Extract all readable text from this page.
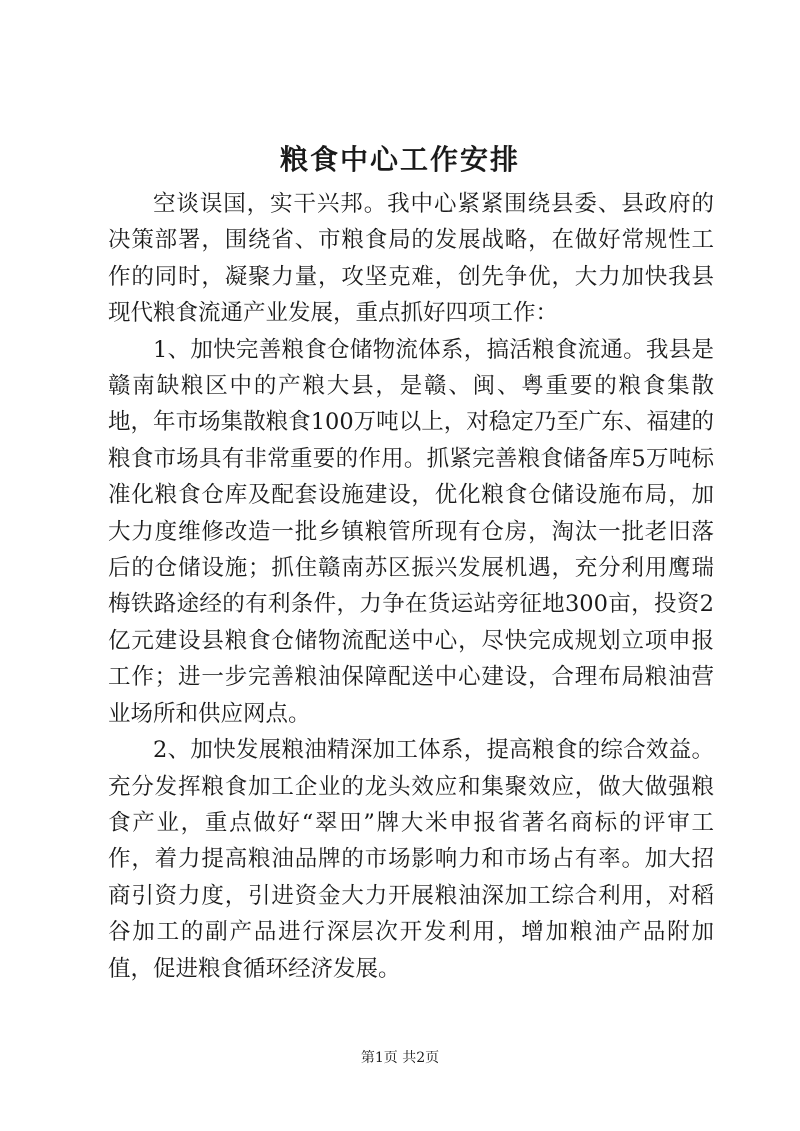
粮食中心工作安排

空谈误国，实干兴邦。我中心紧紧围绕县委、县政府的决策部署，围绕省、市粮食局的发展战略，在做好常规性工作的同时，凝聚力量，攻坚克难，创先争优，大力加快我县现代粮食流通产业发展，重点抓好四项工作：

1、加快完善粮食仓储物流体系，搞活粮食流通。我县是赣南缺粮区中的产粮大县，是赣、闽、粤重要的粮食集散地，年市场集散粮食100万吨以上，对稳定乃至广东、福建的粮食市场具有非常重要的作用。抓紧完善粮食储备库5万吨标准化粮食仓库及配套设施建设，优化粮食仓储设施布局，加大力度维修改造一批乡镇粮管所现有仓房，淘汰一批老旧落后的仓储设施；抓住赣南苏区振兴发展机遇，充分利用鹰瑞梅铁路途经的有利条件，力争在货运站旁征地300亩，投资2亿元建设县粮食仓储物流配送中心，尽快完成规划立项申报工作；进一步完善粮油保障配送中心建设，合理布局粮油营业场所和供应网点。

2、加快发展粮油精深加工体系，提高粮食的综合效益。充分发挥粮食加工企业的龙头效应和集聚效应，做大做强粮食产业，重点做好“翠田”牌大米申报省著名商标的评审工作，着力提高粮油品牌的市场影响力和市场占有率。加大招商引资力度，引进资金大力开展粮油深加工综合利用，对稻谷加工的副产品进行深层次开发利用，增加粮油产品附加值，促进粮食循环经济发展。

第1页 共2页
